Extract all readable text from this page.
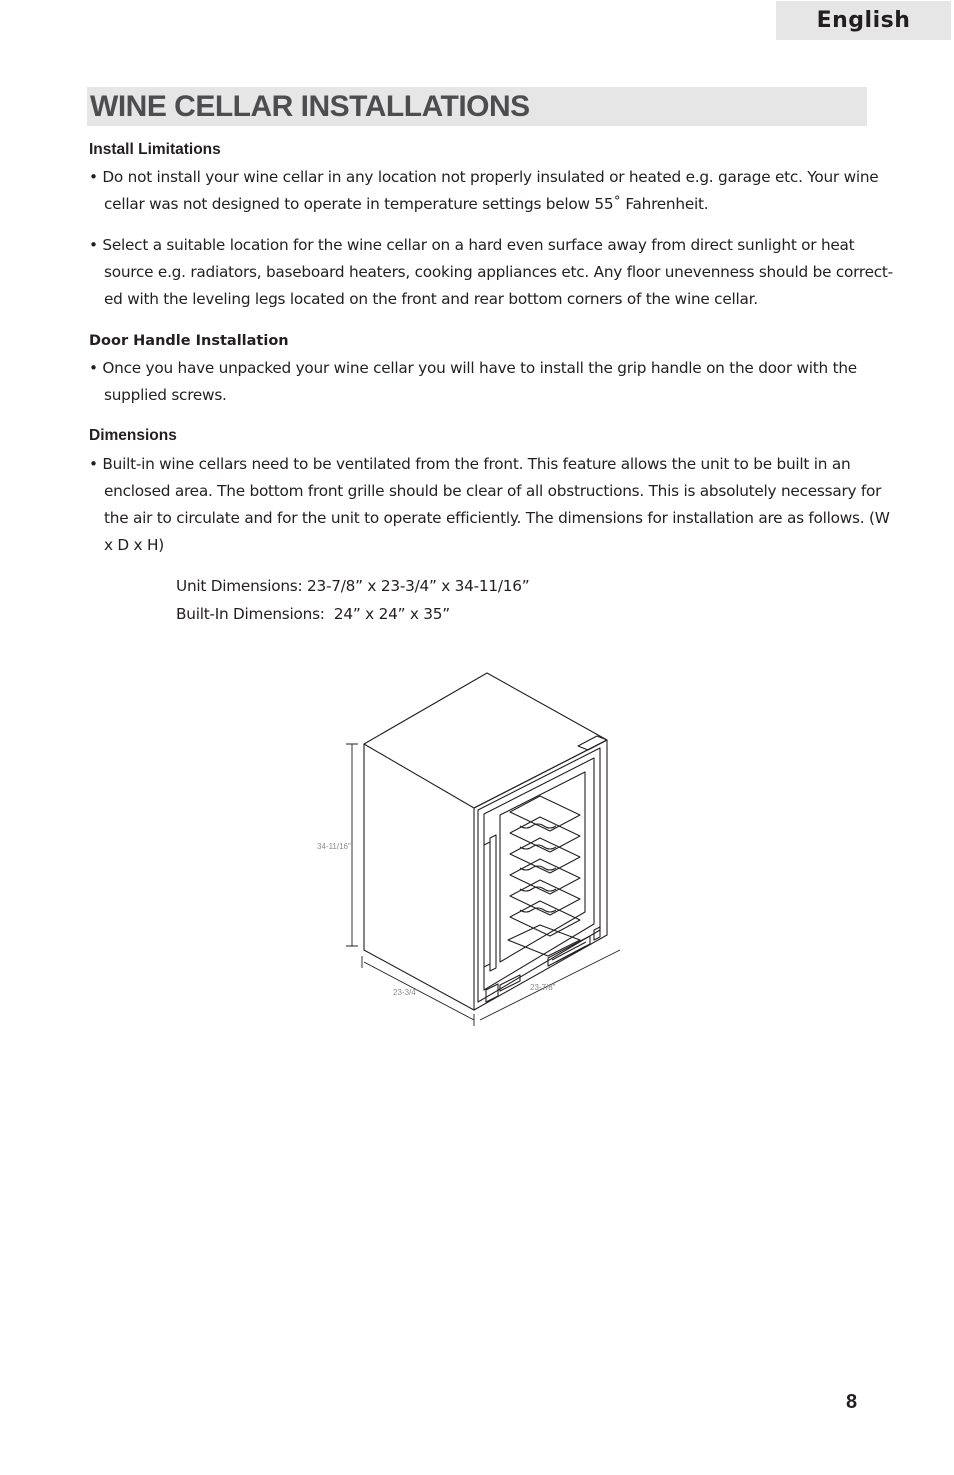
English
WINE CELLAR INSTALLATIONS
Install Limitations
• Do not install your wine cellar in any location not properly insulated or heated e.g. garage etc. Your wine
cellar was not designed to operate in temperature settings below 55˚ Fahrenheit.
• Select a suitable location for the wine cellar on a hard even surface away from direct sunlight or heat
source e.g. radiators, baseboard heaters, cooking appliances etc. Any floor unevenness should be correct-
ed with the leveling legs located on the front and rear bottom corners of the wine cellar.
Door Handle Installation
• Once you have unpacked your wine cellar you will have to install the grip handle on the door with the
supplied screws.
Dimensions
• Built-in wine cellars need to be ventilated from the front. This feature allows the unit to be built in an
enclosed area. The bottom front grille should be clear of all obstructions. This is absolutely necessary for
the air to circulate and for the unit to operate efficiently. The dimensions for installation are as follows. (W
x D x H)
Unit Dimensions: 23-7/8” x 23-3/4” x 34-11/16”
Built-In Dimensions:  24” x 24” x 35”
34-11/16"
23-3/4"
23-7/8"
8
